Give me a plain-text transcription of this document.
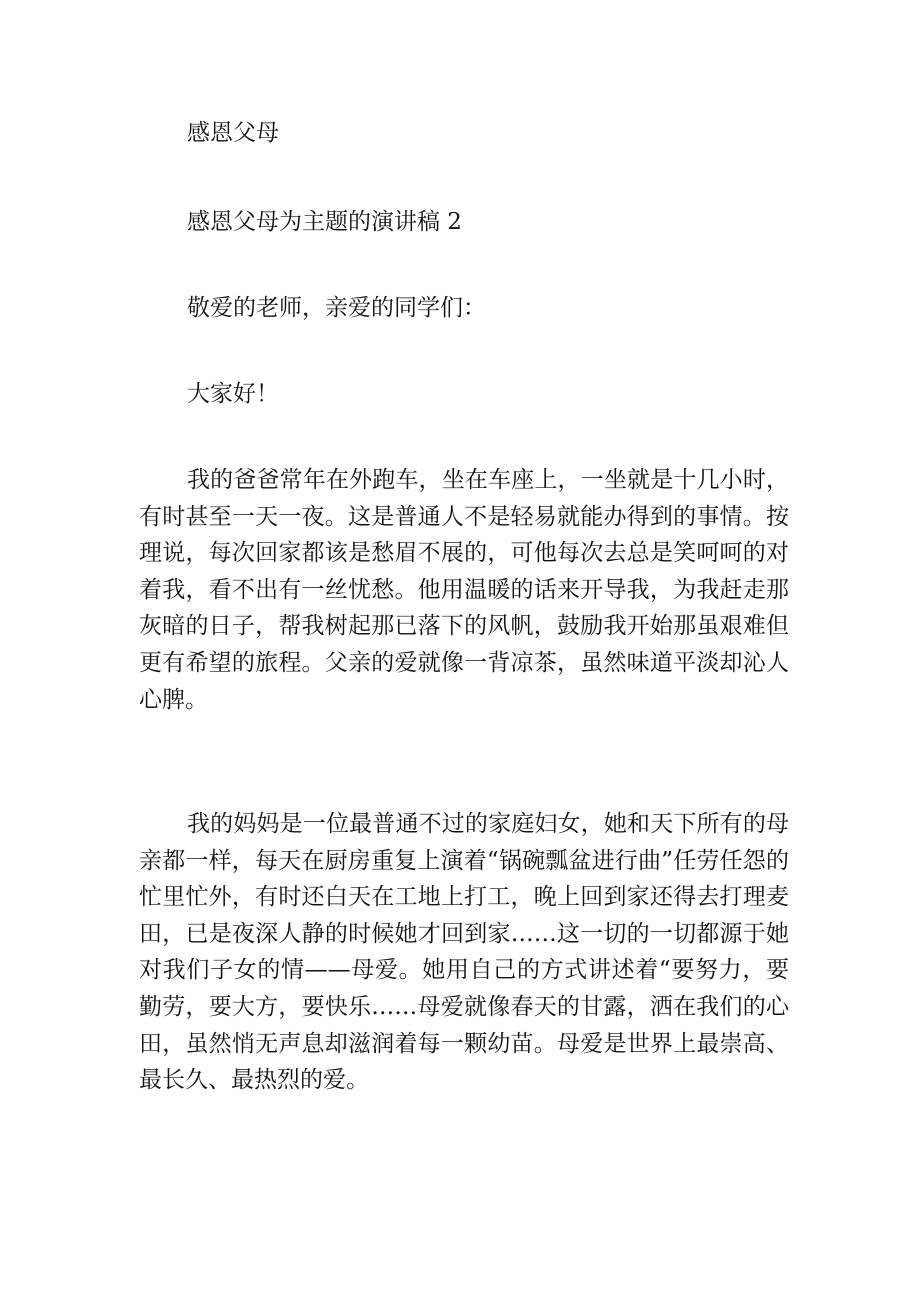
感恩父母

感恩父母为主题的演讲稿 2

敬爱的老师，亲爱的同学们：

大家好！

我的爸爸常年在外跑车，坐在车座上，一坐就是十几小时，有时甚至一天一夜。这是普通人不是轻易就能办得到的事情。按理说，每次回家都该是愁眉不展的，可他每次去总是笑呵呵的对着我，看不出有一丝忧愁。他用温暖的话来开导我，为我赶走那灰暗的日子，帮我树起那已落下的风帆，鼓励我开始那虽艰难但更有希望的旅程。父亲的爱就像一背凉茶，虽然味道平淡却沁人心脾。

我的妈妈是一位最普通不过的家庭妇女，她和天下所有的母亲都一样，每天在厨房重复上演着“锅碗瓢盆进行曲”任劳任怨的忙里忙外，有时还白天在工地上打工，晚上回到家还得去打理麦田，已是夜深人静的时候她才回到家……这一切的一切都源于她对我们子女的情——母爱。她用自己的方式讲述着“要努力，要勤劳，要大方，要快乐……母爱就像春天的甘露，洒在我们的心田，虽然悄无声息却滋润着每一颗幼苗。母爱是世界上最崇高、最长久、最热烈的爱。
